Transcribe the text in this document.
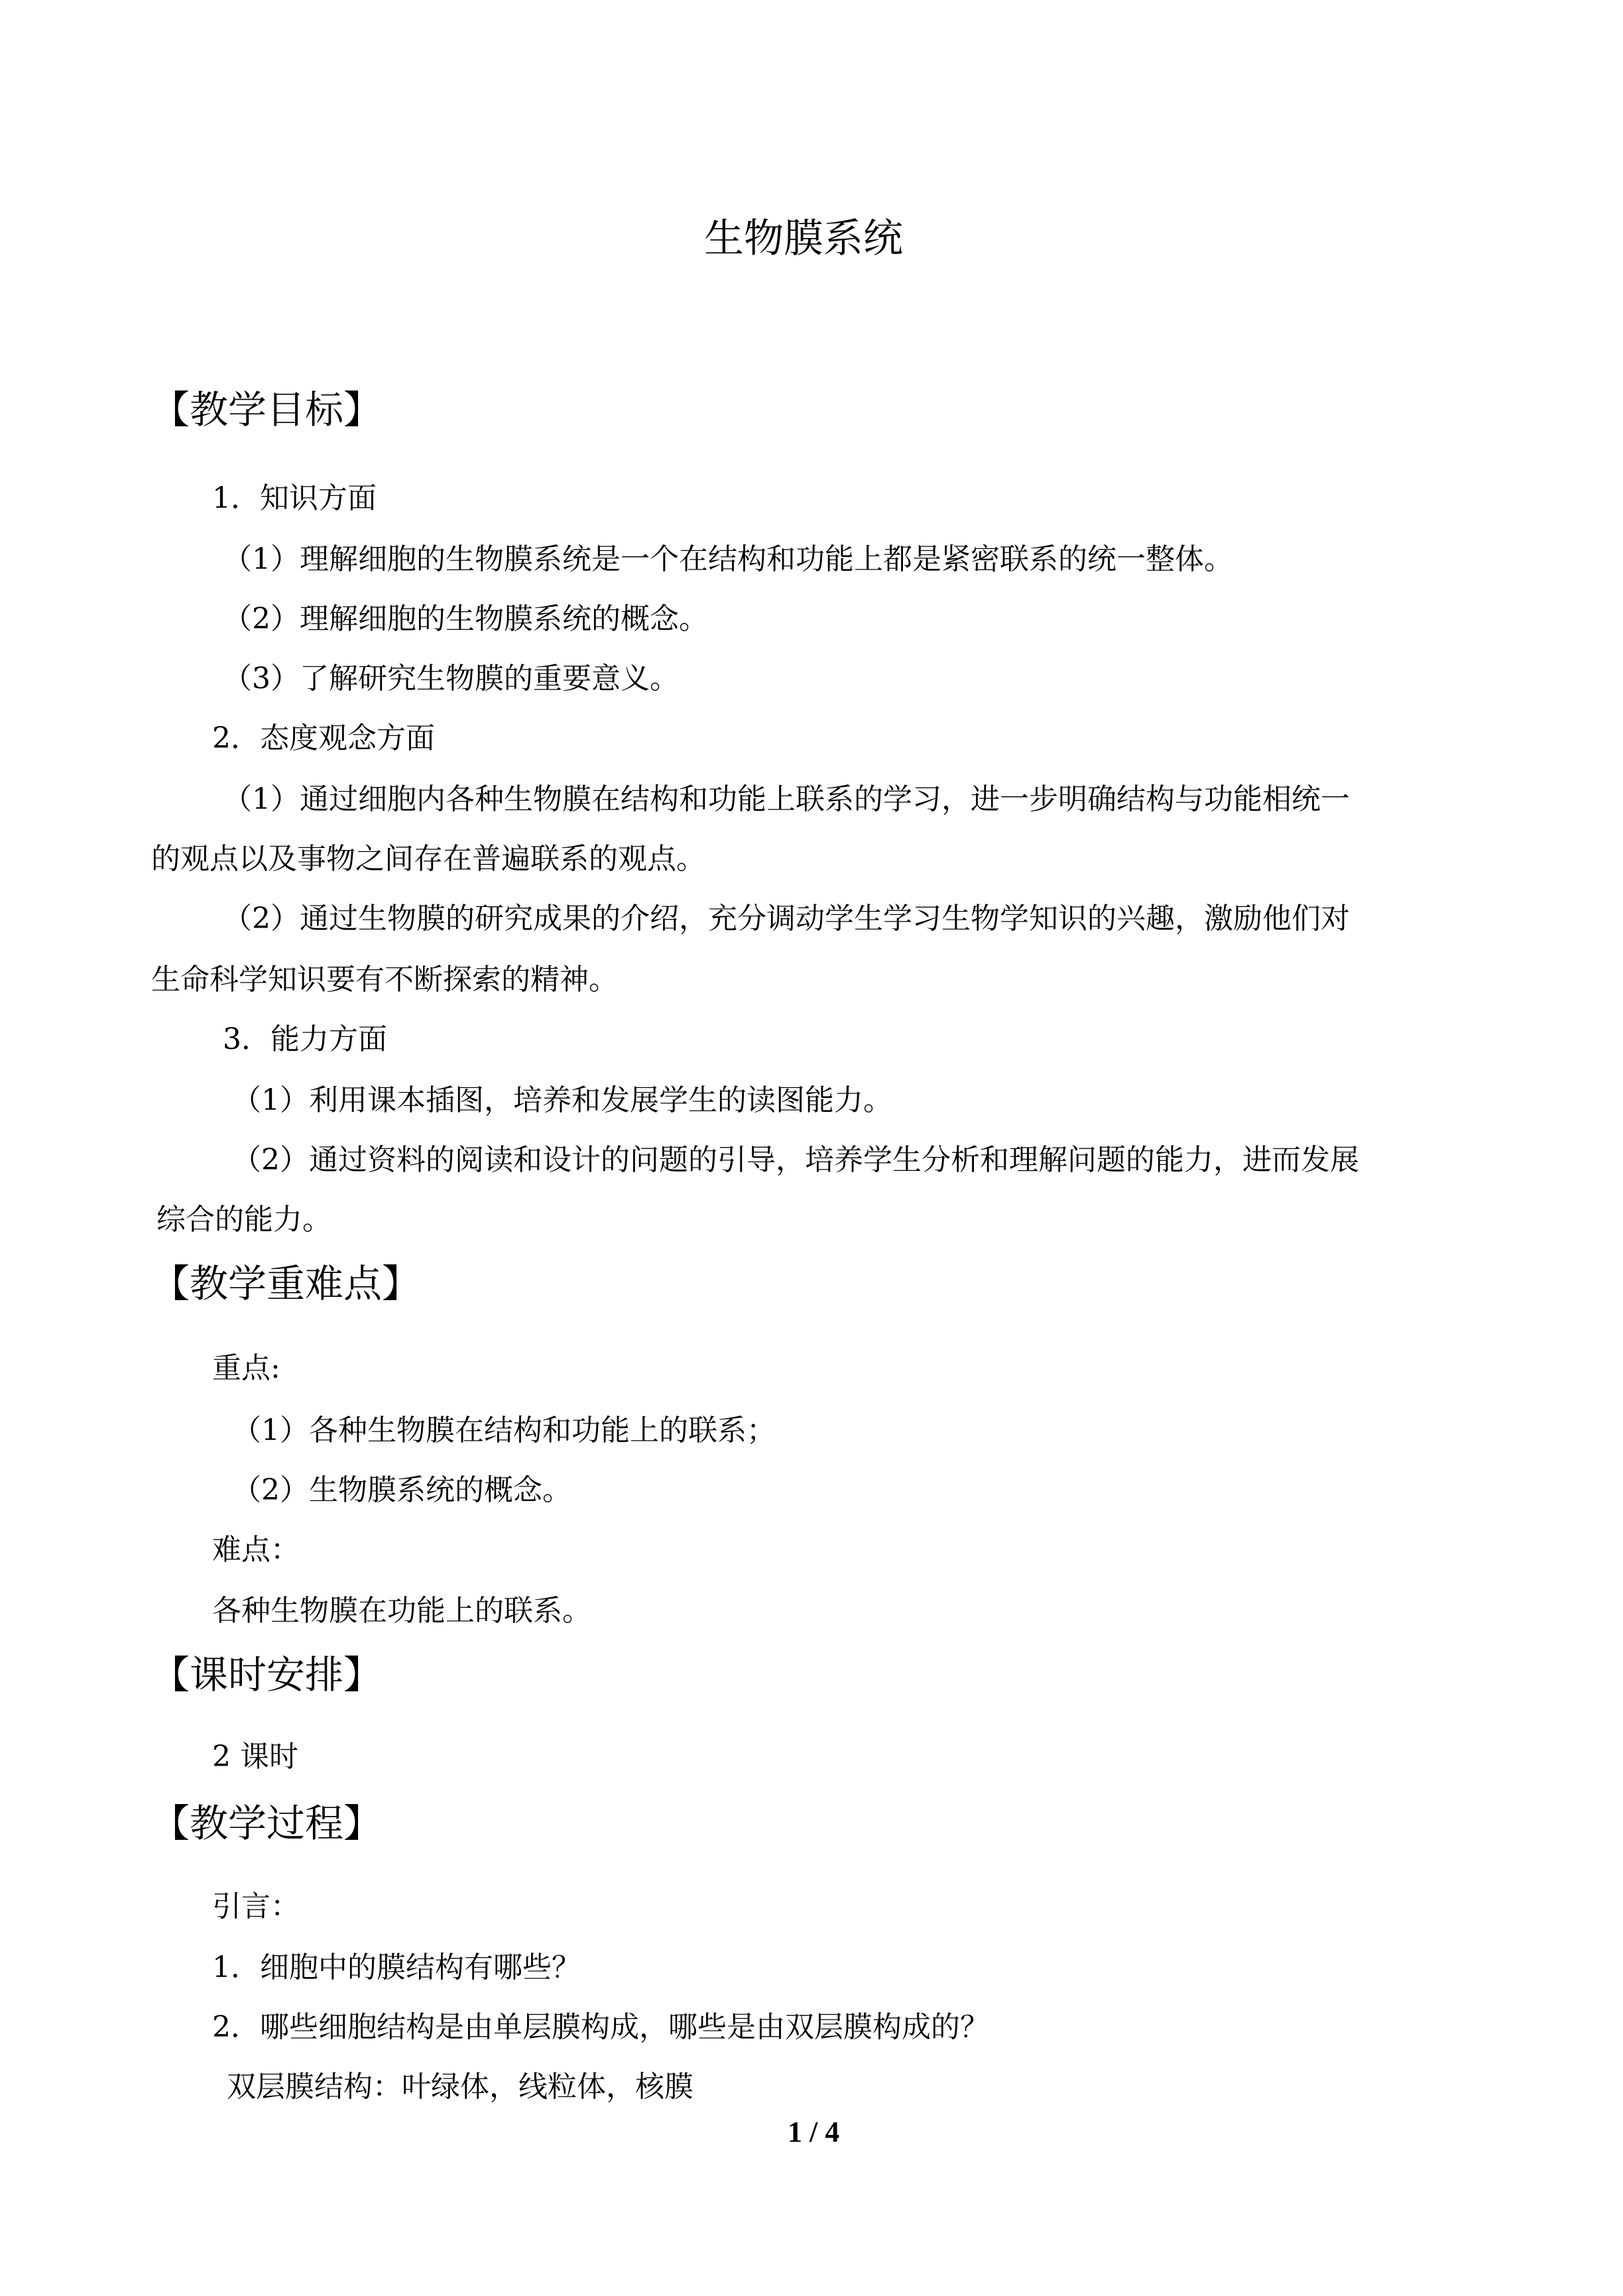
生物膜系统
【教学目标】
1．知识方面
（1）理解细胞的生物膜系统是一个在结构和功能上都是紧密联系的统一整体。
（2）理解细胞的生物膜系统的概念。
（3）了解研究生物膜的重要意义。
2．态度观念方面
（1）通过细胞内各种生物膜在结构和功能上联系的学习，进一步明确结构与功能相统一
的观点以及事物之间存在普遍联系的观点。
（2）通过生物膜的研究成果的介绍，充分调动学生学习生物学知识的兴趣，激励他们对
生命科学知识要有不断探索的精神。
3．能力方面
（1）利用课本插图，培养和发展学生的读图能力。
（2）通过资料的阅读和设计的问题的引导，培养学生分析和理解问题的能力，进而发展
综合的能力。
【教学重难点】
重点:
（1）各种生物膜在结构和功能上的联系；
（2）生物膜系统的概念。
难点：
各种生物膜在功能上的联系。
【课时安排】
2 课时
【教学过程】
引言：
1．细胞中的膜结构有哪些？
2．哪些细胞结构是由单层膜构成，哪些是由双层膜构成的？
双层膜结构：叶绿体，线粒体，核膜
1 / 4
